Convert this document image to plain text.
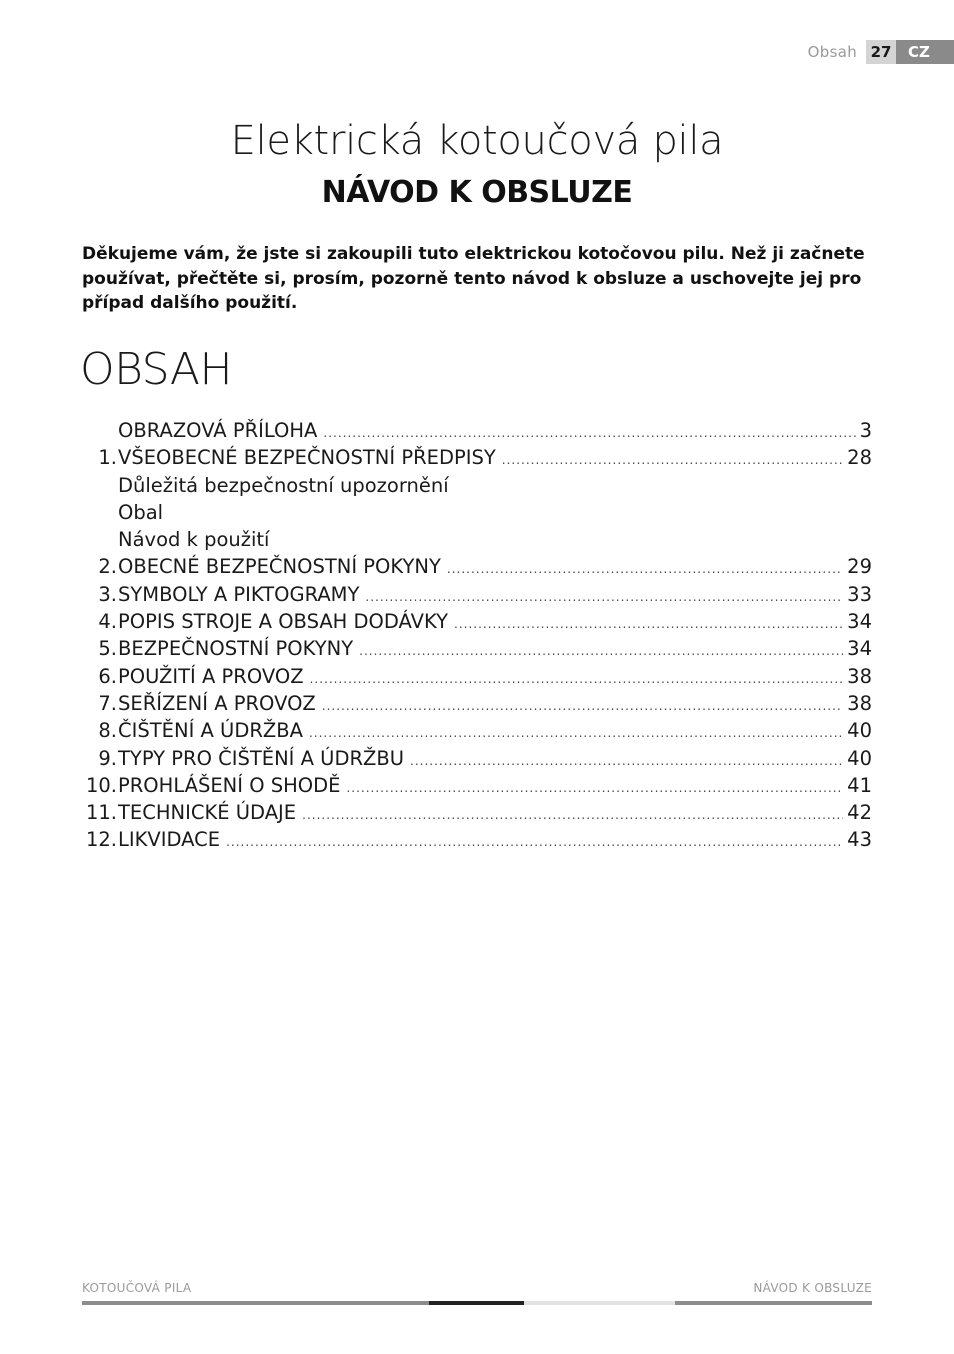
Obsah 27	CZ
Elektrická kotoučová pila
NÁVOD K OBSLUZE
Děkujeme vám, že jste si zakoupili tuto elektrickou kotočovou pilu. Než ji začnete používat, přečtěte si, prosím, pozorně tento návod k obsluze a uschovejte jej pro případ dalšího použití.
OBSAH
OBRAZOVÁ PŘÍLOHA .....	3
1. VŠEOBECNÉ BEZPEČNOSTNÍ PŘEDPISY .....	28
Důležitá bezpečnostní upozornění
Obal
Návod k použití
2. OBECNÉ BEZPEČNOSTNÍ POKYNY .....	29
3. SYMBOLY A PIKTOGRAMY .....	33
4. POPIS STROJE A OBSAH DODÁVKY .....	34
5. BEZPEČNOSTNÍ POKYNY .....	34
6. POUŽITÍ A PROVOZ .....	38
7. SEŘÍZENÍ A PROVOZ .....	38
8. ČIŠTĚNÍ A ÚDRŽBA .....	40
9. TYPY PRO ČIŠTĚNÍ A ÚDRŽBU .....	40
10. PROHLÁŠENÍ O SHODĚ .....	41
11. TECHNICKÉ ÚDAJE .....	42
12. LIKVIDACE .....	43
KOTOUČOVÁ PILA	NÁVOD K OBSLUZE
